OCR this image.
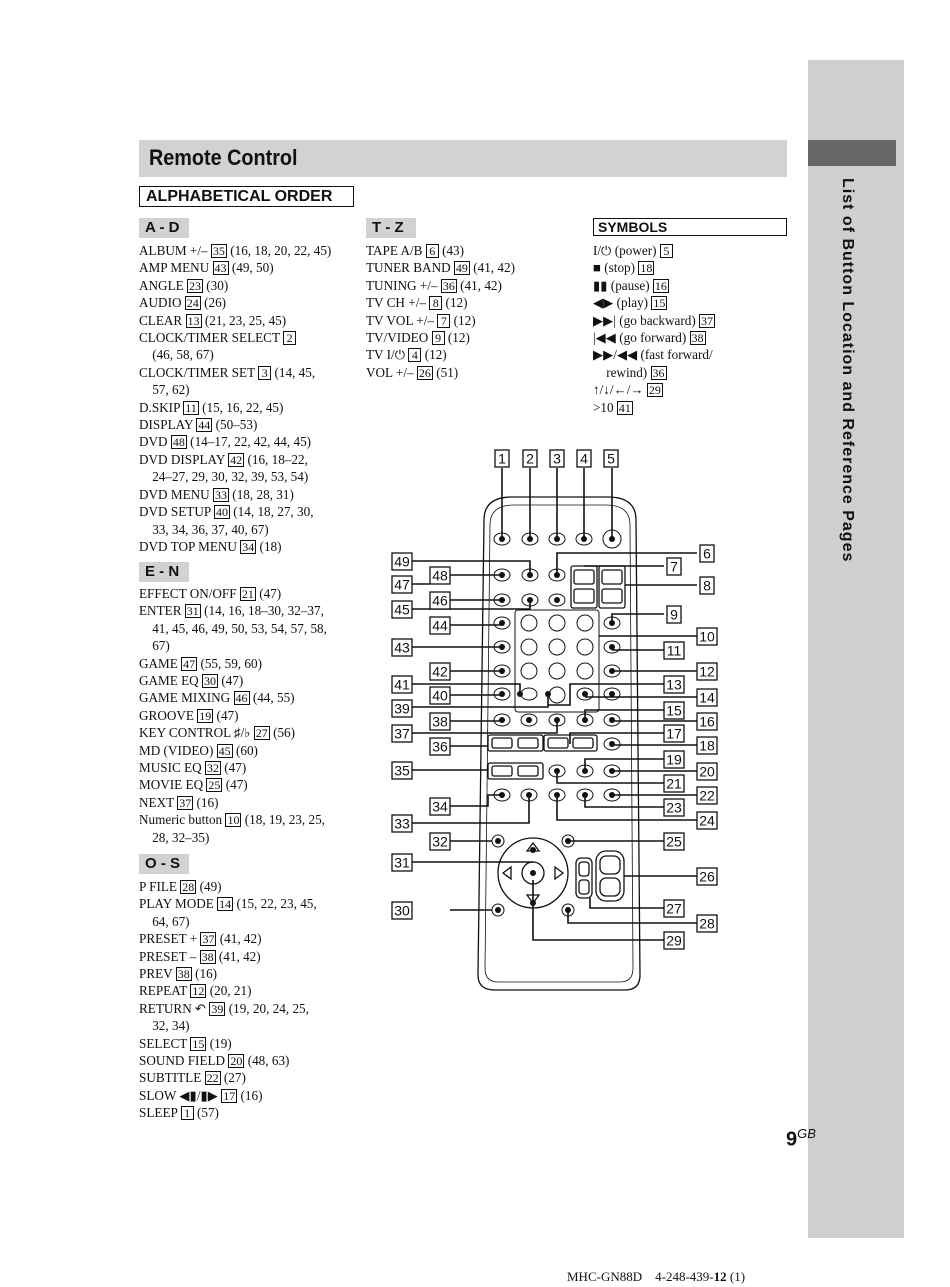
List of Button Location and Reference Pages
Remote Control
ALPHABETICAL ORDER
A - D
ALBUM +/– 35 (16, 18, 20, 22, 45)
AMP MENU 43 (49, 50)
ANGLE 23 (30)
AUDIO 24 (26)
CLEAR 13 (21, 23, 25, 45)
CLOCK/TIMER SELECT 2
 (46, 58, 67)
CLOCK/TIMER SET 3 (14, 45,
 57, 62)
D.SKIP 11 (15, 16, 22, 45)
DISPLAY 44 (50–53)
DVD 48 (14–17, 22, 42, 44, 45)
DVD DISPLAY 42 (16, 18–22,
 24–27, 29, 30, 32, 39, 53, 54)
DVD MENU 33 (18, 28, 31)
DVD SETUP 40 (14, 18, 27, 30,
 33, 34, 36, 37, 40, 67)
DVD TOP MENU 34 (18)
E - N
EFFECT ON/OFF 21 (47)
ENTER 31 (14, 16, 18–30, 32–37,
 41, 45, 46, 49, 50, 53, 54, 57, 58,
 67)
GAME 47 (55, 59, 60)
GAME EQ 30 (47)
GAME MIXING 46 (44, 55)
GROOVE 19 (47)
KEY CONTROL ♯/♭ 27 (56)
MD (VIDEO) 45 (60)
MUSIC EQ 32 (47)
MOVIE EQ 25 (47)
NEXT 37 (16)
Numeric button 10 (18, 19, 23, 25,
 28, 32–35)
O - S
P FILE 28 (49)
PLAY MODE 14 (15, 22, 23, 45,
 64, 67)
PRESET + 37 (41, 42)
PRESET – 38 (41, 42)
PREV 38 (16)
REPEAT 12 (20, 21)
RETURN ↶ 39 (19, 20, 24, 25,
 32, 34)
SELECT 15 (19)
SOUND FIELD 20 (48, 63)
SUBTITLE 22 (27)
SLOW ◀▮/▮▶ 17 (16)
SLEEP 1 (57)
T - Z
TAPE A/B 6 (43)
TUNER BAND 49 (41, 42)
TUNING +/– 36 (41, 42)
TV CH +/– 8 (12)
TV VOL +/– 7 (12)
TV/VIDEO 9 (12)
TV I/⏻ 4 (12)
VOL +/– 26 (51)
SYMBOLS
I/⏻ (power) 5
■ (stop) 18
▮▮ (pause) 16
◀▶ (play) 15
▶▶| (go backward) 37
|◀◀ (go forward) 38
▶▶/◀◀ (fast forward/
 rewind) 36
↑/↓/←/→ 29
>10 41
1 2 3 4 5
49
47
45
43
41
39
37
35
33
31
30
48
46
44
42
40
38
36
34
32
6
7
8
9
10
11
12
13
14
15
16
17
18
19
20
21
22
23
24
25
26
27
28
29
$9^{GB}$
MHC-GN88D 4-248-439-12 (1)
